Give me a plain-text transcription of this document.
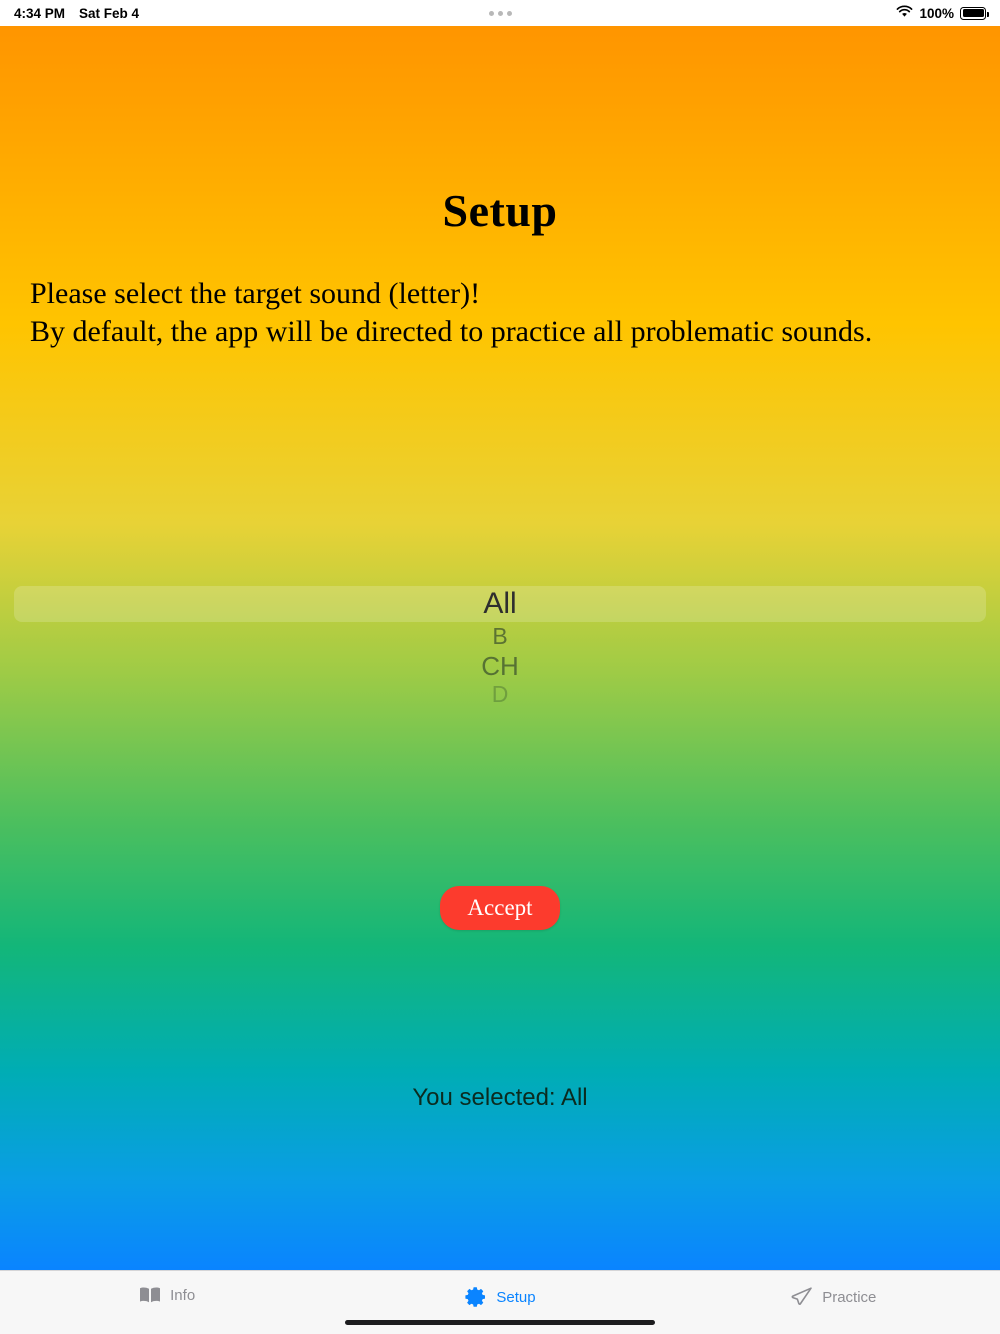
4:34 PM Sat Feb 4	100%
Setup
Please select the target sound (letter)!
By default, the app will be directed to practice all problematic sounds.
All
B
CH
D
Accept
You selected: All
Info	Setup	Practice
